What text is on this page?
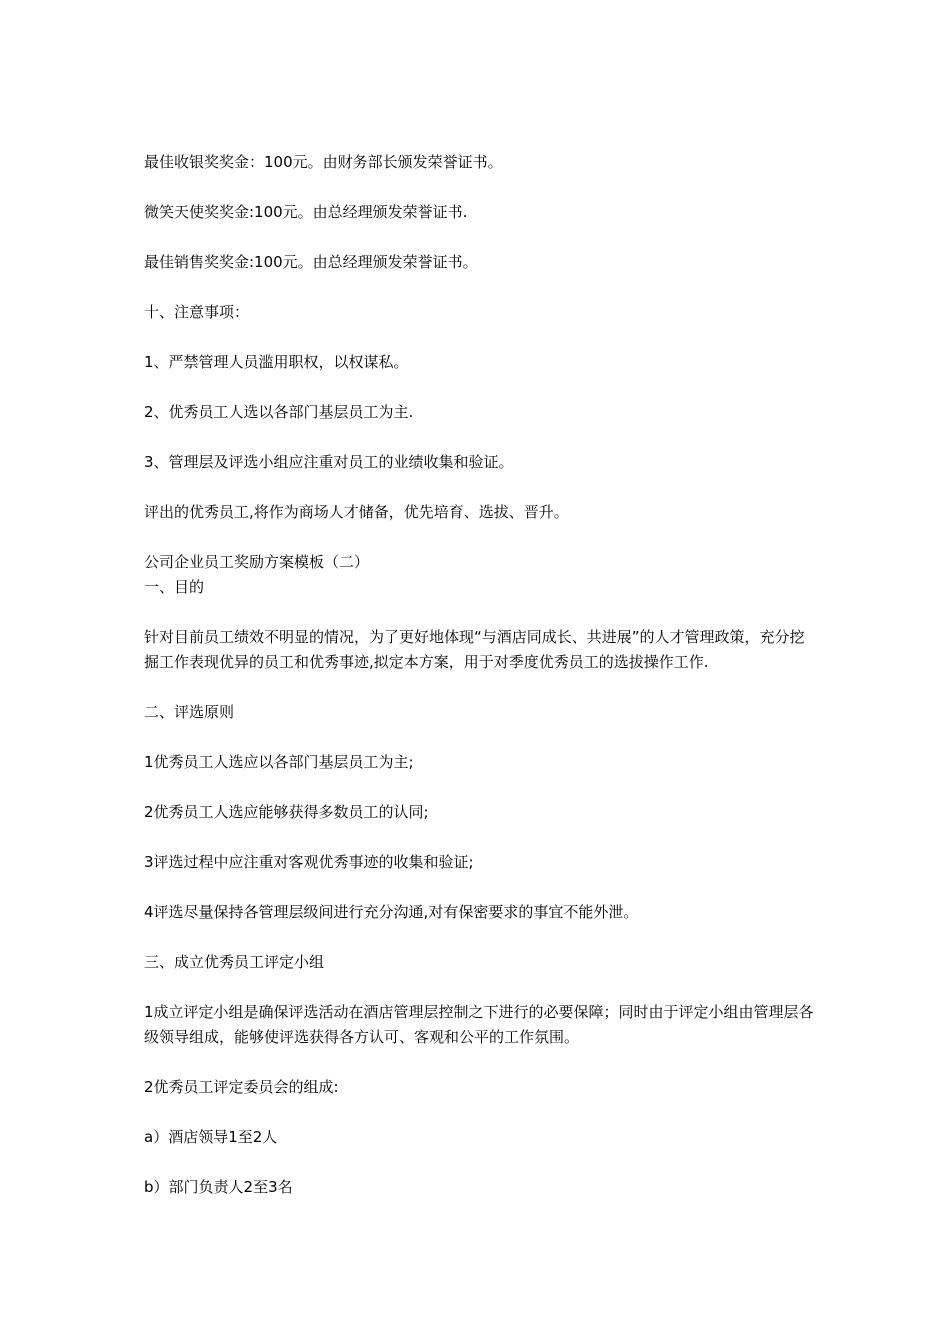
最佳收银奖奖金：100元。由财务部长颁发荣誉证书。

微笑天使奖奖金:100元。由总经理颁发荣誉证书.

最佳销售奖奖金:100元。由总经理颁发荣誉证书。

十、注意事项：

1、严禁管理人员滥用职权，以权谋私。

2、优秀员工人选以各部门基层员工为主.

3、管理层及评选小组应注重对员工的业绩收集和验证。

评出的优秀员工,将作为商场人才储备，优先培育、选拔、晋升。

公司企业员工奖励方案模板（二）

一、目的

针对目前员工绩效不明显的情况，为了更好地体现“与酒店同成长、共进展”的人才管理政策，充分挖掘工作表现优异的员工和优秀事迹,拟定本方案，用于对季度优秀员工的选拔操作工作.

二、评选原则

1优秀员工人选应以各部门基层员工为主;

2优秀员工人选应能够获得多数员工的认同;

3评选过程中应注重对客观优秀事迹的收集和验证;

4评选尽量保持各管理层级间进行充分沟通,对有保密要求的事宜不能外泄。

三、成立优秀员工评定小组

1成立评定小组是确保评选活动在酒店管理层控制之下进行的必要保障；同时由于评定小组由管理层各级领导组成，能够使评选获得各方认可、客观和公平的工作氛围。

2优秀员工评定委员会的组成:

a）酒店领导1至2人

b）部门负责人2至3名
